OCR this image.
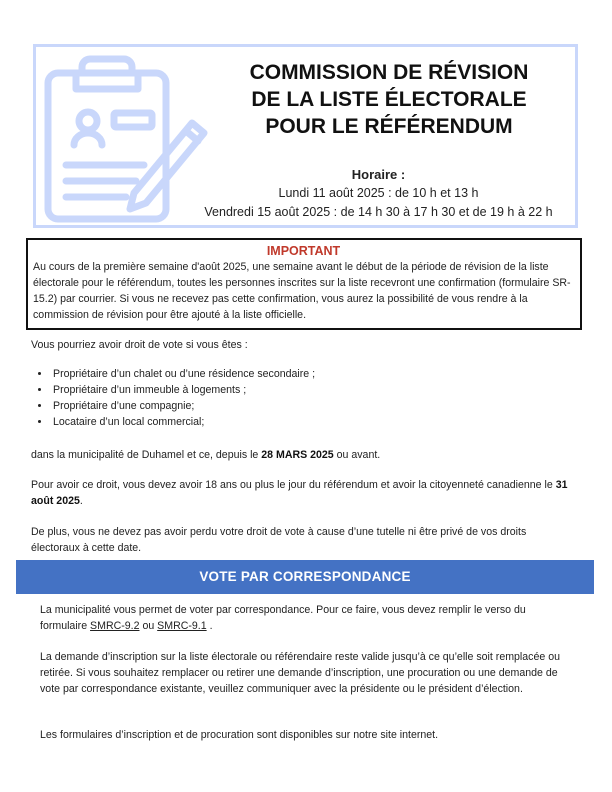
COMMISSION DE RÉVISION
DE LA LISTE ÉLECTORALE
POUR LE RÉFÉRENDUM
Horaire :
Lundi 11 août 2025 : de 10 h et 13 h
Vendredi 15 août 2025 : de 14 h 30 à 17 h 30 et de 19 h à 22 h
IMPORTANT
Au cours de la première semaine d'août 2025, une semaine avant le début de la période de révision de la liste électorale pour le référendum, toutes les personnes inscrites sur la liste recevront une confirmation (formulaire SR-15.2) par courrier. Si vous ne recevez pas cette confirmation, vous aurez la possibilité de vous rendre à la commission de révision pour être ajouté à la liste officielle.
Vous pourriez avoir droit de vote si vous êtes :
• Propriétaire d’un chalet ou d’une résidence secondaire ;
• Propriétaire d’un immeuble à logements ;
• Propriétaire d’une compagnie;
• Locataire d’un local commercial;
dans la municipalité de Duhamel et ce, depuis le 28 MARS 2025 ou avant.
Pour avoir ce droit, vous devez avoir 18 ans ou plus le jour du référendum et avoir la citoyenneté canadienne le 31 août 2025.
De plus, vous ne devez pas avoir perdu votre droit de vote à cause d’une tutelle ni être privé de vos droits électoraux à cette date.
VOTE PAR CORRESPONDANCE
La municipalité vous permet de voter par correspondance. Pour ce faire, vous devez remplir le verso du formulaire SMRC-9.2 ou SMRC-9.1 .
La demande d’inscription sur la liste électorale ou référendaire reste valide jusqu’à ce qu’elle soit remplacée ou retirée. Si vous souhaitez remplacer ou retirer une demande d’inscription, une procuration ou une demande de vote par correspondance existante, veuillez communiquer avec la présidente ou le président d’élection.
Les formulaires d’inscription et de procuration sont disponibles sur notre site internet.
